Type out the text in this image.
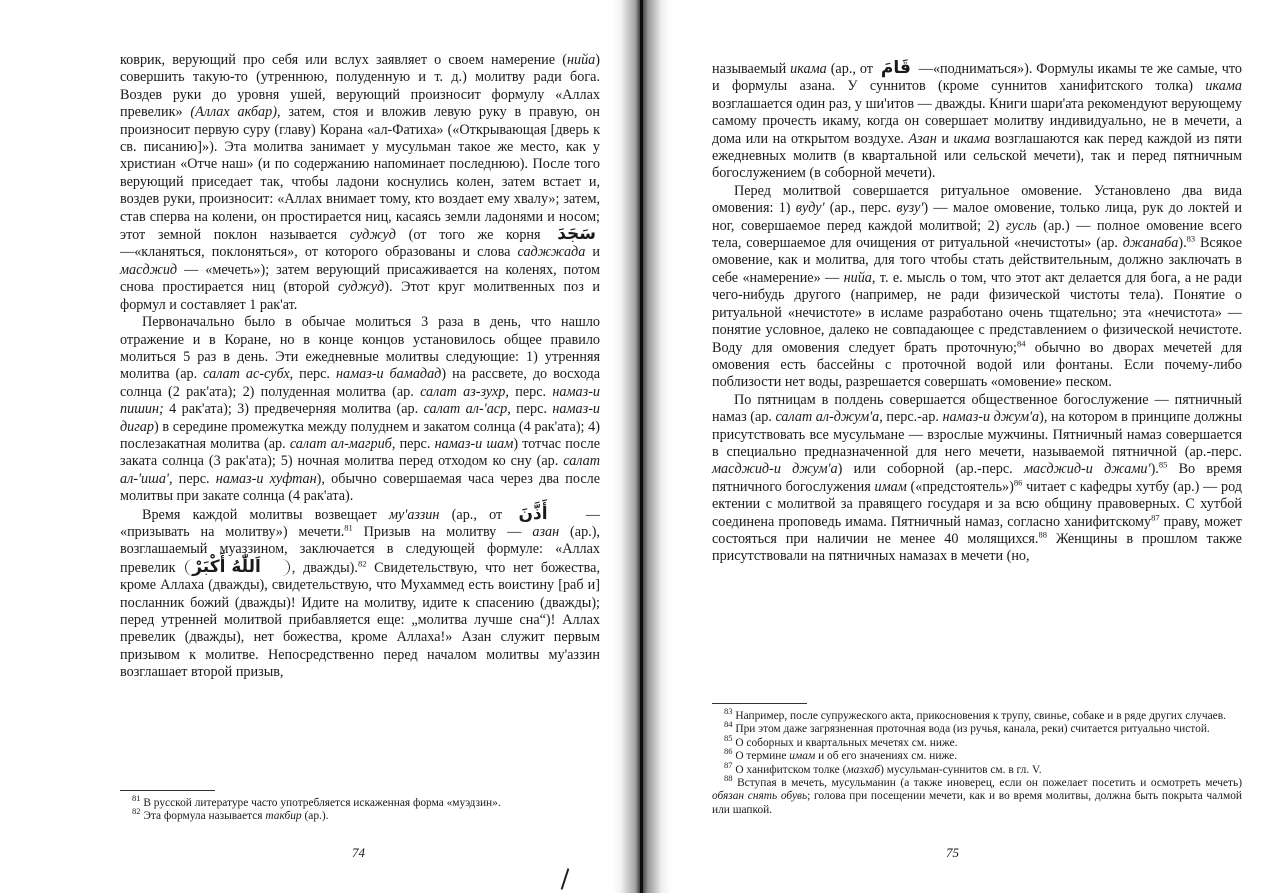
коврик, верующий про себя или вслух заявляет о своем намерение (нийа) совершить такую-то (утреннюю, полуденную и т. д.) молитву ради бога. Воздев руки до уровня ушей, верующий произносит формулу «Аллах превелик» (Аллах акбар), затем, стоя и вложив левую руку в правую, он произносит первую суру (главу) Корана «ал-Фатиха» («Открывающая [дверь к св. писанию]»). Эта молитва занимает у мусульман такое же место, как у христиан «Отче наш» (и по содержанию напоминает последнюю). После того верующий приседает так, чтобы ладони коснулись колен, затем встает и, воздев руки, произносит: «Аллах внимает тому, кто воздает ему хвалу»; затем, став сперва на колени, он простирается ниц, касаясь земли ладонями и носом; этот земной поклон называется суджуд (от того же корня سَجَدَ —«кланяться, поклоняться», от которого образованы и слова саджжада и масджид — «мечеть»); затем верующий присаживается на коленях, потом снова простирается ниц (второй суджуд). Этот круг молитвенных поз и формул и составляет 1 рак'ат.

Первоначально было в обычае молиться 3 раза в день, что нашло отражение и в Коране, но в конце концов установилось общее правило молиться 5 раз в день. Эти ежедневные молитвы следующие: 1) утренняя молитва (ар. салат ас-субх, перс. намаз-и бамадад) на рассвете, до восхода солнца (2 рак'ата); 2) полуденная молитва (ар. салат аз-зухр, перс. намаз-и пишин; 4 рак'ата); 3) предвечерняя молитва (ар. салат ал-'аср, перс. намаз-и дигар) в середине промежутка между полуднем и закатом солнца (4 рак'ата); 4) послезакатная молитва (ар. салат ал-магриб, перс. намаз-и шам) тотчас после заката солнца (3 рак'ата); 5) ночная молитва перед отходом ко сну (ар. салат ал-'иша', перс. намаз-и хуфтан), обычно совершаемая часа через два после молитвы при закате солнца (4 рак'ата).

Время каждой молитвы возвещает му'аззин (ар., от أَذَّنَ — «призывать на молитву») мечети.$^{81}$ Призыв на молитву — азан (ар.), возглашаемый муаззином, заключается в следующей формуле: «Аллах превелик اَللّٰهُ أَكْبَرْ , дважды).$^{82}$ Свидетельствую, что нет божества, кроме Аллаха (дважды), свидетельствую, что Мухаммед есть воистину [раб и] посланник божий (дважды)! Идите на молитву, идите к спасению (дважды); перед утренней молитвой прибавляется еще: „молитва лучше сна“)! Аллах превелик (дважды), нет божества, кроме Аллаха!» Азан служит первым призывом к молитве. Непосредственно перед началом молитвы му'аззин возглашает второй призыв,

$^{81}$ В русской литературе часто употребляется искаженная форма «муэдзин».

$^{82}$ Эта формула называется такбир (ар.).

74

называемый икама (ар., от قَامَ —«подниматься»). Формулы икамы те же самые, что и формулы азана. У суннитов (кроме суннитов ханифитского толка) икама возглашается один раз, у ши'итов — дважды. Книги шари'ата рекомендуют верующему самому прочесть икаму, когда он совершает молитву индивидуально, не в мечети, а дома или на открытом воздухе. Азан и икама возглашаются как перед каждой из пяти ежедневных молитв (в квартальной или сельской мечети), так и перед пятничным богослужением (в соборной мечети).

Перед молитвой совершается ритуальное омовение. Установлено два вида омовения: 1) вуду' (ар., перс. вузу') — малое омовение, только лица, рук до локтей и ног, совершаемое перед каждой молитвой; 2) гусль (ар.) — полное омовение всего тела, совершаемое для очищения от ритуальной «нечистоты» (ар. джанаба).$^{83}$ Всякое омовение, как и молитва, для того чтобы стать действительным, должно заключать в себе «намерение» — нийа, т. е. мысль о том, что этот акт делается для бога, а не ради чего-нибудь другого (например, не ради физической чистоты тела). Понятие о ритуальной «нечистоте» в исламе разработано очень тщательно; эта «нечистота» — понятие условное, далеко не совпадающее с представлением о физической нечистоте. Воду для омовения следует брать проточную;$^{84}$ обычно во дворах мечетей для омовения есть бассейны с проточной водой или фонтаны. Если почему-либо поблизости нет воды, разрешается совершать «омовение» песком.

По пятницам в полдень совершается общественное богослужение — пятничный намаз (ар. салат ал-джум'а, перс.-ар. намаз-и джум'а), на котором в принципе должны присутствовать все мусульмане — взрослые мужчины. Пятничный намаз совершается в специально предназначенной для него мечети, называемой пятничной (ар.-перс. масджид-и джум'а) или соборной (ар.-перс. масджид-и джами').$^{85}$ Во время пятничного богослужения имам («предстоятель»)$^{86}$ читает с кафедры хутбу (ар.) — род ектении с молитвой за правящего государя и за всю общину правоверных. С хутбой соединена проповедь имама. Пятничный намаз, согласно ханифитскому$^{87}$ праву, может состояться при наличии не менее 40 молящихся.$^{88}$ Женщины в прошлом также присутствовали на пятничных намазах в мечети (но,

$^{83}$ Например, после супружеского акта, прикосновения к трупу, свинье, собаке и в ряде других случаев.

$^{84}$ При этом даже загрязненная проточная вода (из ручья, канала, реки) считается ритуально чистой.

$^{85}$ О соборных и квартальных мечетях см. ниже.

$^{86}$ О термине имам и об его значениях см. ниже.

$^{87}$ О ханифитском толке (мазхаб) мусульман-суннитов см. в гл. V.

$^{88}$ Вступая в мечеть, мусульманин (а также иноверец, если он пожелает посетить и осмотреть мечеть) обязан снять обувь; голова при посещении мечети, как и во время молитвы, должна быть покрыта чалмой или шапкой.

75
